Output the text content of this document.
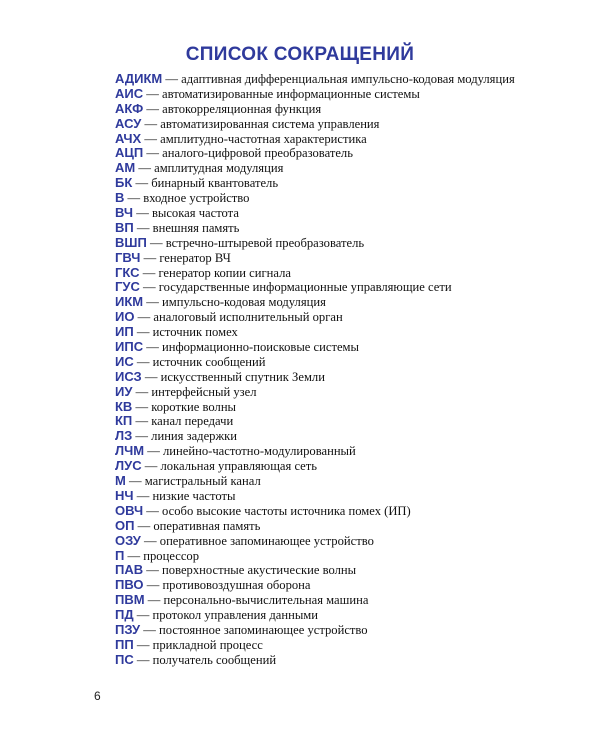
СПИСОК СОКРАЩЕНИЙ
АДИКМ — адаптивная дифференциальная импульсно-кодовая модуляция
АИС — автоматизированные информационные системы
АКФ — автокорреляционная функция
АСУ — автоматизированная система управления
АЧХ — амплитудно-частотная характеристика
АЦП — аналого-цифровой преобразователь
АМ — амплитудная модуляция
БК — бинарный квантователь
В — входное устройство
ВЧ — высокая частота
ВП — внешняя память
ВШП — встречно-штыревой преобразователь
ГВЧ — генератор ВЧ
ГКС — генератор копии сигнала
ГУС — государственные информационные управляющие сети
ИКМ — импульсно-кодовая модуляция
ИО — аналоговый исполнительный орган
ИП — источник помех
ИПС — информационно-поисковые системы
ИС — источник сообщений
ИСЗ — искусственный спутник Земли
ИУ — интерфейсный узел
КВ — короткие волны
КП — канал передачи
ЛЗ — линия задержки
ЛЧМ — линейно-частотно-модулированный
ЛУС — локальная управляющая сеть
М — магистральный канал
НЧ — низкие частоты
ОВЧ — особо высокие частоты источника помех (ИП)
ОП — оперативная память
ОЗУ — оперативное запоминающее устройство
П — процессор
ПАВ — поверхностные акустические волны
ПВО — противовоздушная оборона
ПВМ — персонально-вычислительная машина
ПД — протокол управления данными
ПЗУ — постоянное запоминающее устройство
ПП — прикладной процесс
ПС — получатель сообщений
6
